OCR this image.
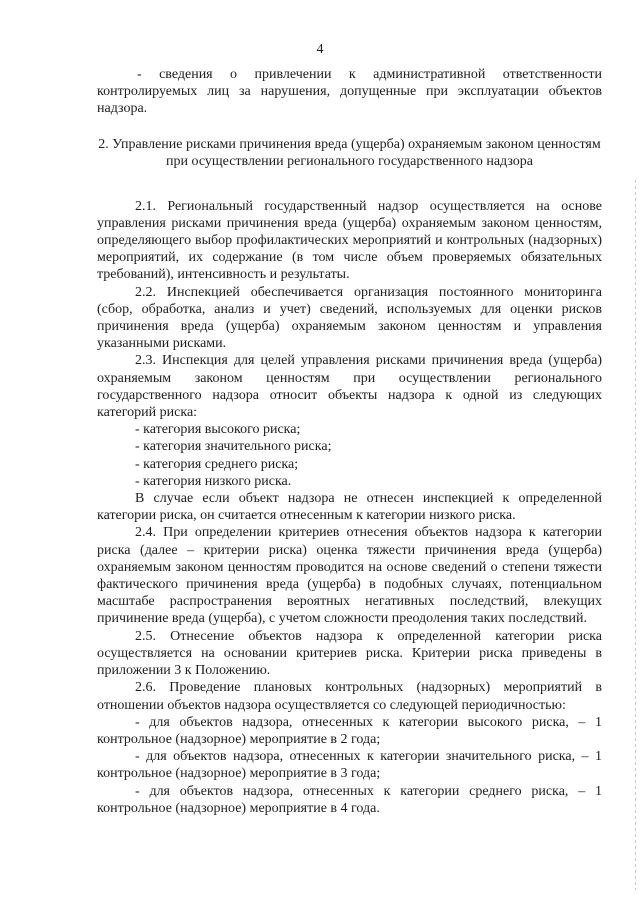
4

- сведения о привлечении к административной ответственности контролируемых лиц за нарушения, допущенные при эксплуатации объектов надзора.

2. Управление рисками причинения вреда (ущерба) охраняемым законом ценностям при осуществлении регионального государственного надзора

2.1. Региональный государственный надзор осуществляется на основе управления рисками причинения вреда (ущерба) охраняемым законом ценностям, определяющего выбор профилактических мероприятий и контрольных (надзорных) мероприятий, их содержание (в том числе объем проверяемых обязательных требований), интенсивность и результаты.

2.2. Инспекцией обеспечивается организация постоянного мониторинга (сбор, обработка, анализ и учет) сведений, используемых для оценки рисков причинения вреда (ущерба) охраняемым законом ценностям и управления указанными рисками.

2.3. Инспекция для целей управления рисками причинения вреда (ущерба) охраняемым законом ценностям при осуществлении регионального государственного надзора относит объекты надзора к одной из следующих категорий риска:

- категория высокого риска;
- категория значительного риска;
- категория среднего риска;
- категория низкого риска.

В случае если объект надзора не отнесен инспекцией к определенной категории риска, он считается отнесенным к категории низкого риска.

2.4. При определении критериев отнесения объектов надзора к категории риска (далее – критерии риска) оценка тяжести причинения вреда (ущерба) охраняемым законом ценностям проводится на основе сведений о степени тяжести фактического причинения вреда (ущерба) в подобных случаях, потенциальном масштабе распространения вероятных негативных последствий, влекущих причинение вреда (ущерба), с учетом сложности преодоления таких последствий.

2.5. Отнесение объектов надзора к определенной категории риска осуществляется на основании критериев риска. Критерии риска приведены в приложении 3 к Положению.

2.6. Проведение плановых контрольных (надзорных) мероприятий в отношении объектов надзора осуществляется со следующей периодичностью:

- для объектов надзора, отнесенных к категории высокого риска, – 1 контрольное (надзорное) мероприятие в 2 года;

- для объектов надзора, отнесенных к категории значительного риска, – 1 контрольное (надзорное) мероприятие в 3 года;

- для объектов надзора, отнесенных к категории среднего риска, – 1 контрольное (надзорное) мероприятие в 4 года.
